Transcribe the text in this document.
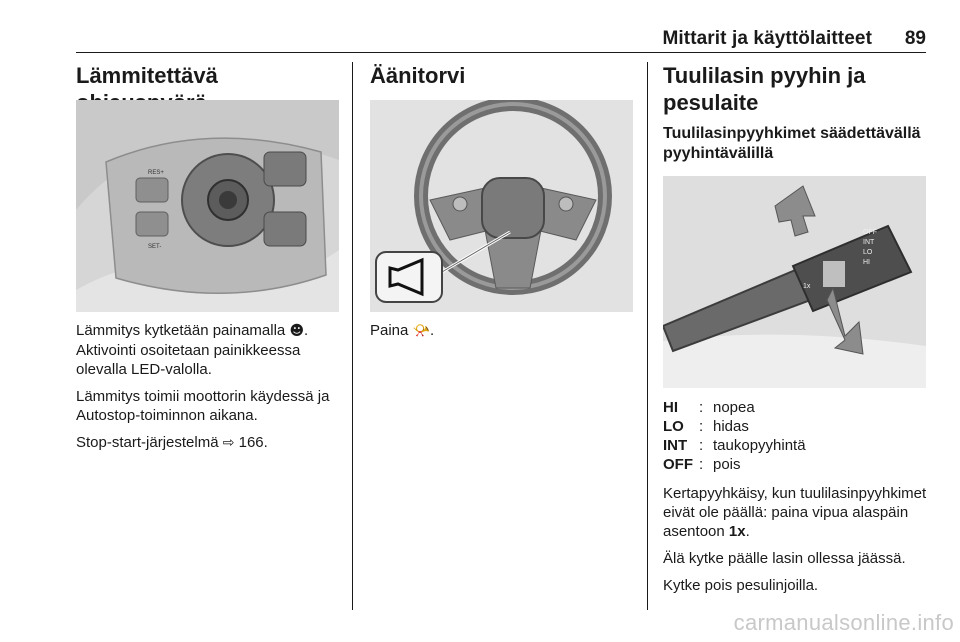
Mittarit ja käyttölaitteet 89
Lämmitettävä
RES+
SET-

Lämmitys kytketään painamalla ☻. Aktivointi osoitetaan painikkeessa olevalla LED-valolla.

Lämmitys toimii moottorin käydessä ja Autostop-toiminnon aikana.

Stop-start-järjestelmä ⇨ 166.

Äänitorvi

Paina 📯.

Tuulilasin pyyhin ja pesulaite
Tuulilasinpyyhkimet säädettävällä pyyhintävälillä
OFF
INT
LO
HI
1x
HI	: nopea
LO	: hidas
INT : taukopyyhintä
OFF : pois

Kertapyyhkäisy, kun tuulilasinpyyhkimet eivät ole päällä: paina vipua alaspäin asentoon 1x.

Älä kytke päälle lasin ollessa jäässä.

Kytke pois pesulinjoilla.

carmanualsonline.info
